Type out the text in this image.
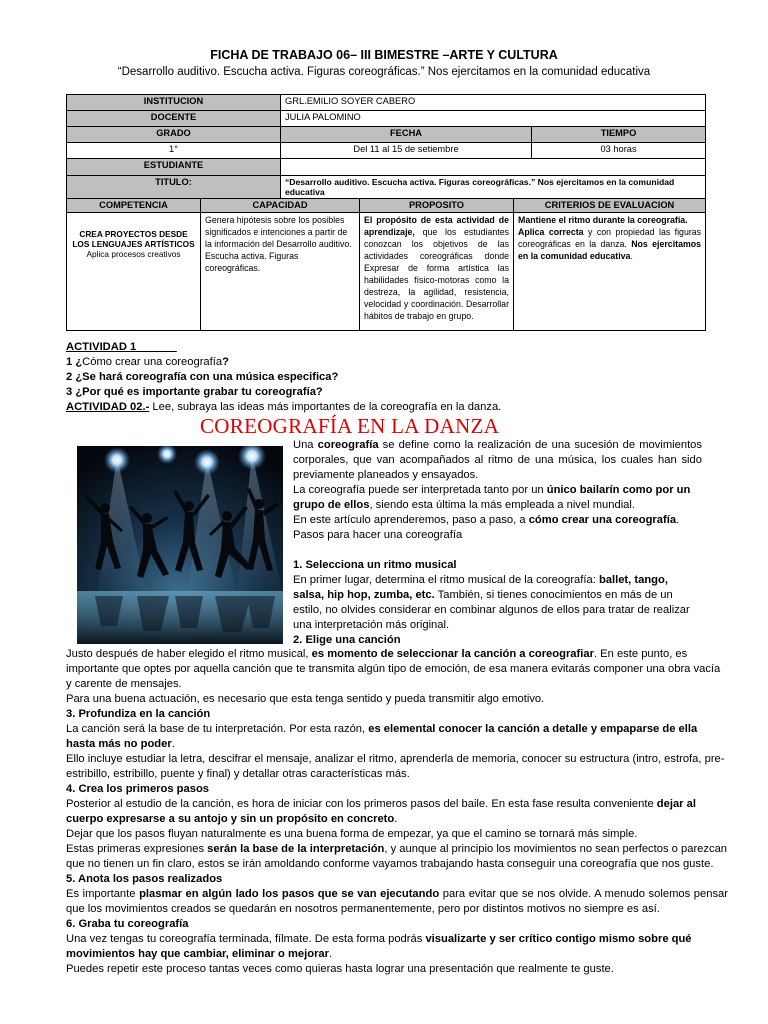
FICHA DE TRABAJO 06– III BIMESTRE –ARTE Y CULTURA
“Desarrollo auditivo. Escucha activa. Figuras coreográficas.” Nos ejercitamos en la comunidad educativa
INSTITUCION		GRL.EMILIO SOYER CABERO			
DOCENTE		JULIA PALOMINO			
GRADO		FECHA			TIEMPO
1°		Del 11 al 15 de setiembre			03 horas
ESTUDIANTE					
TITULO:		“Desarrollo auditivo. Escucha activa. Figuras coreográficas.” Nos ejercitamos en la comunidad educativa			
COMPETENCIA	CAPACIDAD		PROPOSITO	CRITERIOS DE EVALUACION	

CREA PROYECTOS DESDE LOS LENGUAJES ARTÍSTICOS
Aplica procesos creativos	Genera hipótesis sobre los posibles significados e intenciones a partir de la información del Desarrollo auditivo. Escucha activa. Figuras coreográficas.		El propósito de esta actividad de aprendizaje, que los estudiantes conozcan los objetivos de las actividades coreográficas donde Expresar de forma artística las habilidades físico-motoras como la destreza, la agilidad, resistencia, velocidad y coordinación. Desarrollar hábitos de trabajo en grupo.	Mantiene el ritmo durante la coreografía.
Aplica correcta y con propiedad las figuras coreográficas en la danza. Nos ejercitamos en la comunidad educativa.	
ACTIVIDAD 1 ______
1 ¿Cómo crear una coreografía?
2 ¿Se hará coreografía con una música especifica?
3 ¿Por qué es importante grabar tu coreografía?
ACTIVIDAD 02.- Lee, subraya las ideas más importantes de la coreografía en la danza.
COREOGRAFÍA EN LA DANZA

Una coreografía se define como la realización de una sucesión de movimientos corporales, que van acompañados al ritmo de una música, los cuales han sido previamente planeados y ensayados.

La coreografía puede ser interpretada tanto por un único bailarín como por un grupo de ellos, siendo esta última la más empleada a nivel mundial.

En este artículo aprenderemos, paso a paso, a cómo crear una coreografía.

Pasos para hacer una coreografía

1. Selecciona un ritmo musical

En primer lugar, determina el ritmo musical de la coreografía: ballet, tango, salsa, hip hop, zumba, etc. También, si tienes conocimientos en más de un estilo, no olvides considerar en combinar algunos de ellos para tratar de realizar una interpretación más original.

2. Elige una canción

Justo después de haber elegido el ritmo musical, es momento de seleccionar la canción a coreografiar. En este punto, es importante que optes por aquella canción que te transmita algún tipo de emoción, de esa manera evitarás componer una obra vacía y carente de mensajes.

Para una buena actuación, es necesario que esta tenga sentido y pueda transmitir algo emotivo.

3. Profundiza en la canción

La canción será la base de tu interpretación. Por esta razón, es elemental conocer la canción a detalle y empaparse de ella hasta más no poder.

Ello incluye estudiar la letra, descifrar el mensaje, analizar el ritmo, aprenderla de memoria, conocer su estructura (intro, estrofa, pre-estribillo, estribillo, puente y final) y detallar otras características más.

4. Crea los primeros pasos

Posterior al estudio de la canción, es hora de iniciar con los primeros pasos del baile. En esta fase resulta conveniente dejar al cuerpo expresarse a su antojo y sin un propósito en concreto.

Dejar que los pasos fluyan naturalmente es una buena forma de empezar, ya que el camino se tornará más simple.

Estas primeras expresiones serán la base de la interpretación, y aunque al principio los movimientos no sean perfectos o parezcan que no tienen un fin claro, estos se irán amoldando conforme vayamos trabajando hasta conseguir una coreografía que nos guste.

5. Anota los pasos realizados

Es importante plasmar en algún lado los pasos que se van ejecutando para evitar que se nos olvide. A menudo solemos pensar que los movimientos creados se quedarán en nosotros permanentemente, pero por distintos motivos no siempre es así.

6. Graba tu coreografía

Una vez tengas tu coreografía terminada, fílmate. De esta forma podrás visualizarte y ser crítico contigo mismo sobre qué movimientos hay que cambiar, eliminar o mejorar.

Puedes repetir este proceso tantas veces como quieras hasta lograr una presentación que realmente te guste.
